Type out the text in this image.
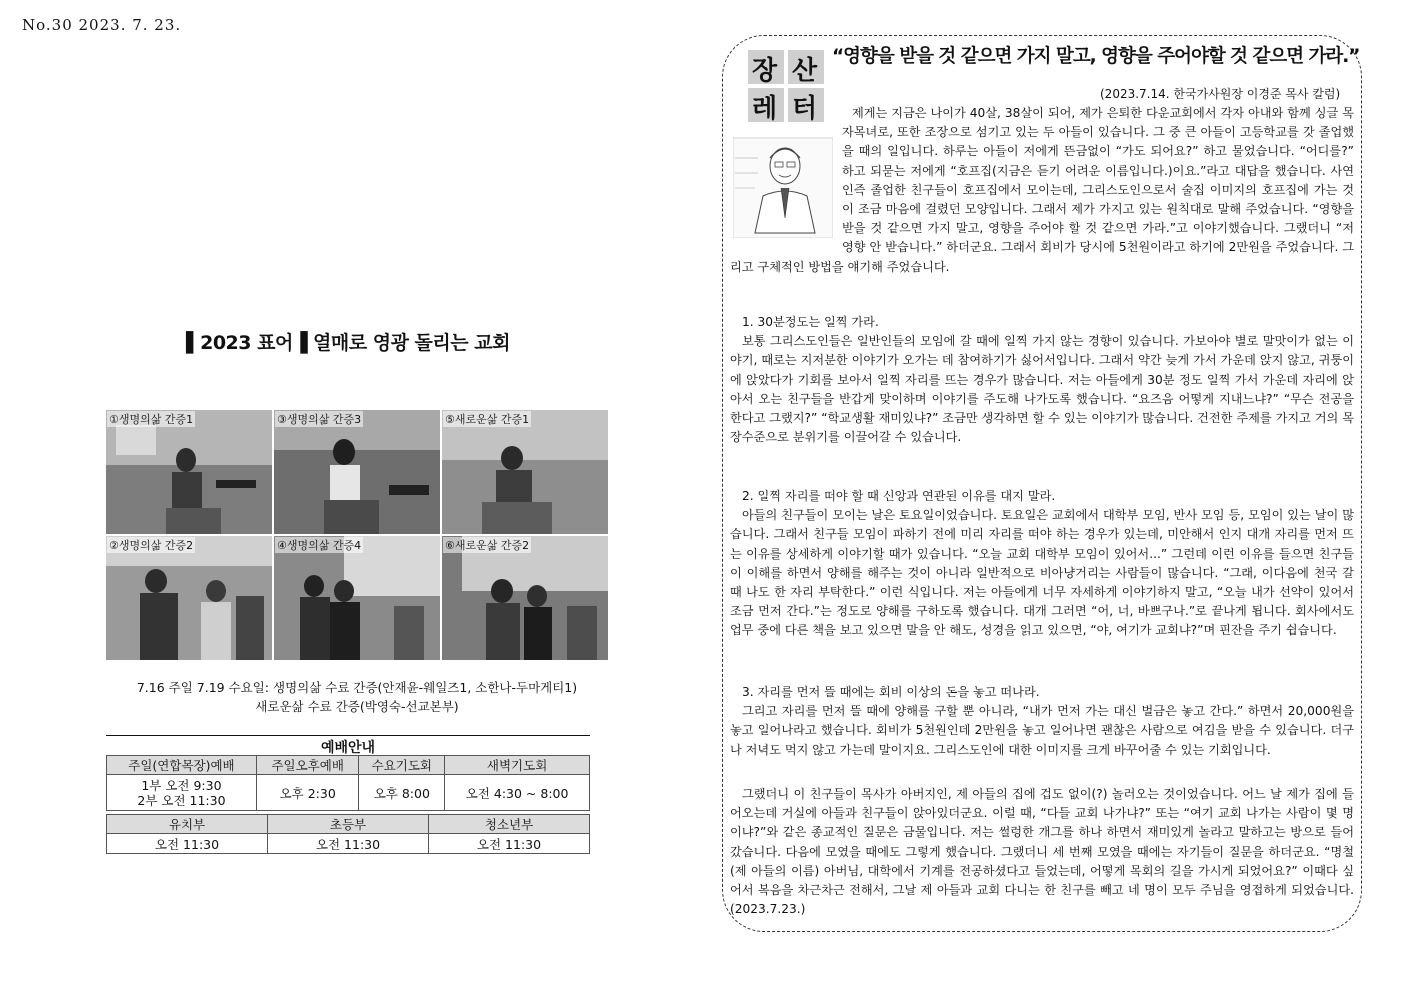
No.30 2023. 7. 23.
▌2023 표어▐ 열매로 영광 돌리는 교회
①생명의삶 간증1	③생명의삶 간증3	⑤새로운삶 간증1
②생명의삶 간증2	④생명의삶 간증4	⑥새로운삶 간증2
7.16 주일 7.19 수요일: 생명의삶 수료 간증(안재윤-웨일즈1, 소한나-두마게티1)
새로운삶 수료 간증(박영숙-선교본부)
예배안내
주일(연합목장)예배	주일오후예배	수요기도회	새벽기도회

1부 오전 9:30
2부 오전 11:30	오후 2:30	오후 8:00	오전 4:30 ~ 8:00
유치부	초등부	청소년부
오전 11:30	오전 11:30	오전 11:30
장 산
레 터
“영향을 받을 것 같으면 가지 말고, 영향을 주어야할 것 같으면 가라.”
(2023.7.14. 한국가사원장 이경준 목사 칼럼)
제게는 지금은 나이가 40살, 38살이 되어, 제가 은퇴한 다운교회에서 각자 아내와 함께 싱글 목자목녀로, 또한 조장으로 섬기고 있는 두 아들이 있습니다. 그 중 큰 아들이 고등학교를 갓 졸업했을 때의 일입니다. 하루는 아들이 저에게 뜬금없이 “가도 되어요?” 하고 물었습니다. “어디를?” 하고 되묻는 저에게 “호프집(지금은 듣기 어려운 이름입니다.)이요.”라고 대답을 했습니다. 사연인즉 졸업한 친구들이 호프집에서 모이는데, 그리스도인으로서 술집 이미지의 호프집에 가는 것이 조금 마음에 걸렸던 모양입니다. 그래서 제가 가지고 있는 원칙대로 말해 주었습니다. “영향을 받을 것 같으면 가지 말고, 영향을 주어야 할 것 같으면 가라.”고 이야기했습니다. 그랬더니 “저 영향 안 받습니다.” 하더군요. 그래서 회비가 당시에 5천원이라고 하기에 2만원을 주었습니다. 그리고 구체적인 방법을 얘기해 주었습니다.
1. 30분정도는 일찍 가라.
보통 그리스도인들은 일반인들의 모임에 갈 때에 일찍 가지 않는 경향이 있습니다. 가보아야 별로 말맛이가 없는 이야기, 때로는 지저분한 이야기가 오가는 데 참여하기가 싫어서입니다. 그래서 약간 늦게 가서 가운데 앉지 않고, 귀퉁이에 앉았다가 기회를 보아서 일찍 자리를 뜨는 경우가 많습니다. 저는 아들에게 30분 정도 일찍 가서 가운데 자리에 앉아서 오는 친구들을 반갑게 맞이하며 이야기를 주도해 나가도록 했습니다. “요즈음 어떻게 지내느냐?” “무슨 전공을 한다고 그랬지?” “학교생활 재미있냐?” 조금만 생각하면 할 수 있는 이야기가 많습니다. 건전한 주제를 가지고 거의 목장수준으로 분위기를 이끌어갈 수 있습니다.
2. 일찍 자리를 떠야 할 때 신앙과 연관된 이유를 대지 말라.
아들의 친구들이 모이는 날은 토요일이었습니다. 토요일은 교회에서 대학부 모임, 반사 모임 등, 모임이 있는 날이 많습니다. 그래서 친구들 모임이 파하기 전에 미리 자리를 떠야 하는 경우가 있는데, 미안해서 인지 대개 자리를 먼저 뜨는 이유를 상세하게 이야기할 때가 있습니다. “오늘 교회 대학부 모임이 있어서...” 그런데 이런 이유를 들으면 친구들이 이해를 하면서 양해를 해주는 것이 아니라 일반적으로 비아냥거리는 사람들이 많습니다. “그래, 이다음에 천국 갈 때 나도 한 자리 부탁한다.” 이런 식입니다. 저는 아들에게 너무 자세하게 이야기하지 말고, “오늘 내가 선약이 있어서 조금 먼저 간다.”는 정도로 양해를 구하도록 했습니다. 대개 그러면 “어, 너, 바쁘구나.”로 끝나게 됩니다. 회사에서도 업무 중에 다른 책을 보고 있으면 말을 안 해도, 성경을 읽고 있으면, “야, 여기가 교회냐?”며 핀잔을 주기 쉽습니다.
3. 자리를 먼저 뜰 때에는 회비 이상의 돈을 놓고 떠나라.
그리고 자리를 먼저 뜰 때에 양해를 구할 뿐 아니라, “내가 먼저 가는 대신 벌금은 놓고 간다.” 하면서 20,000원을 놓고 일어나라고 했습니다. 회비가 5천원인데 2만원을 놓고 일어나면 괜찮은 사람으로 여김을 받을 수 있습니다. 더구나 저녁도 먹지 않고 가는데 말이지요. 그리스도인에 대한 이미지를 크게 바꾸어줄 수 있는 기회입니다.
그랬더니 이 친구들이 목사가 아버지인, 제 아들의 집에 겁도 없이(?) 놀러오는 것이었습니다. 어느 날 제가 집에 들어오는데 거실에 아들과 친구들이 앉아있더군요. 이럴 때, “다들 교회 나가냐?” 또는 “여기 교회 나가는 사람이 몇 명이냐?”와 같은 종교적인 질문은 금물입니다. 저는 썰렁한 개그를 하나 하면서 재미있게 놀라고 말하고는 방으로 들어갔습니다. 다음에 모였을 때에도 그렇게 했습니다. 그랬더니 세 번째 모였을 때에는 자기들이 질문을 하더군요. “명철(제 아들의 이름) 아버님, 대학에서 기계를 전공하셨다고 들었는데, 어떻게 목회의 길을 가시게 되었어요?” 이때다 싶어서 복음을 차근차근 전해서, 그날 제 아들과 교회 다니는 한 친구를 빼고 네 명이 모두 주님을 영접하게 되었습니다.(2023.7.23.)
